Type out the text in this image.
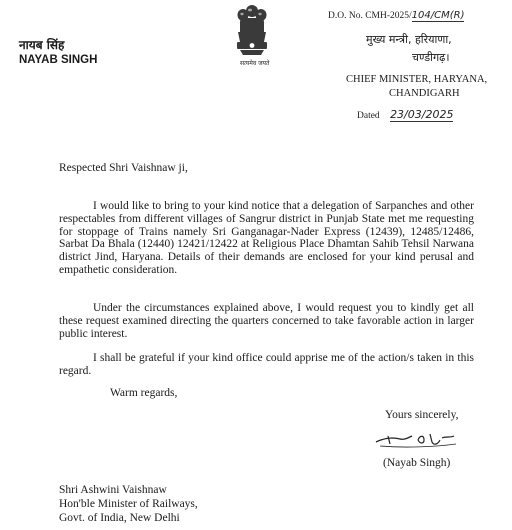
नायब सिंह
NAYAB SINGH	सत्यमेव जयते
D.O. No. CMH-2025/104/CM(R)
मुख्य मन्त्री, हरियाणा,
चण्डीगढ़।
CHIEF MINISTER, HARYANA,
CHANDIGARH
Dated 23/03/2025
Respected Shri Vaishnaw ji,
I would like to bring to your kind notice that a delegation of Sarpanches and other respectables from different villages of Sangrur district in Punjab State met me requesting for stoppage of Trains namely Sri Ganganagar-Nader Express (12439), 12485/12486, Sarbat Da Bhala (12440) 12421/12422 at Religious Place Dhamtan Sahib Tehsil Narwana district Jind, Haryana. Details of their demands are enclosed for your kind perusal and empathetic consideration.
Under the circumstances explained above, I would request you to kindly get all these request examined directing the quarters concerned to take favorable action in larger public interest.
I shall be grateful if your kind office could apprise me of the action/s taken in this regard.
Warm regards,
Yours sincerely,
(Nayab Singh)
Shri Ashwini Vaishnaw
Hon'ble Minister of Railways,
Govt. of India, New Delhi
